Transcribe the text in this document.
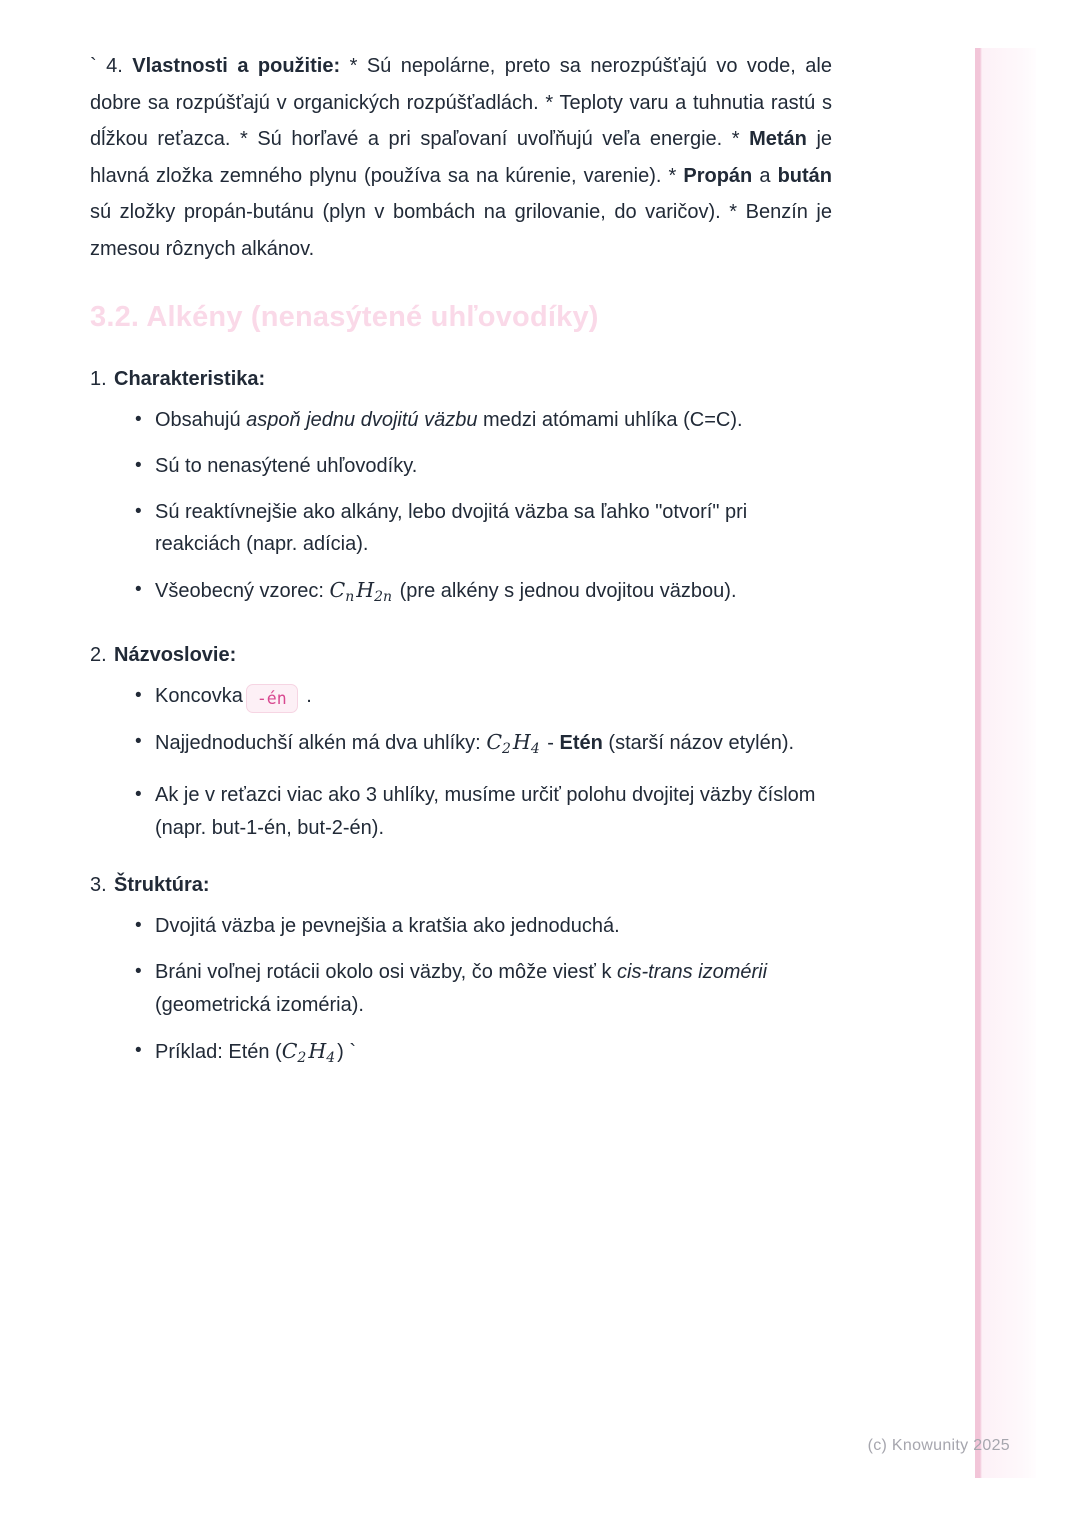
` 4. Vlastnosti a použitie: * Sú nepolárne, preto sa nerozpúšťajú vo vode, ale dobre sa rozpúšťajú v organických rozpúšťadlách. * Teploty varu a tuhnutia rastú s dĺžkou reťazca. * Sú horľavé a pri spaľovaní uvoľňujú veľa energie. * Metán je hlavná zložka zemného plynu (používa sa na kúrenie, varenie). * Propán a bután sú zložky propán-butánu (plyn v bombách na grilovanie, do varičov). * Benzín je zmesou rôznych alkánov.

3.2. Alkény (nenasýtené uhľovodíky)
1. Charakteristika:
• Obsahujú aspoň jednu dvojitú väzbu medzi atómami uhlíka (C=C).
• Sú to nenasýtené uhľovodíky.
• Sú reaktívnejšie ako alkány, lebo dvojitá väzba sa ľahko "otvorí" pri reakciách (napr. adícia).
• Všeobecný vzorec: $C_nH_{2n}$ (pre alkény s jednou dvojitou väzbou).
2. Názvoslovie:
• Koncovka -én .
• Najjednoduchší alkén má dva uhlíky: $C_2H_4$ - Etén (starší názov etylén).
• Ak je v reťazci viac ako 3 uhlíky, musíme určiť polohu dvojitej väzby číslom (napr. but-1-én, but-2-én).
3. Štruktúra:
• Dvojitá väzba je pevnejšia a kratšia ako jednoduchá.
• Bráni voľnej rotácii okolo osi väzby, čo môže viesť k cis-trans izomérii (geometrická izoméria).
• Príklad: Etén ($C_2H_4$ ) `
(c) Knowunity 2025
